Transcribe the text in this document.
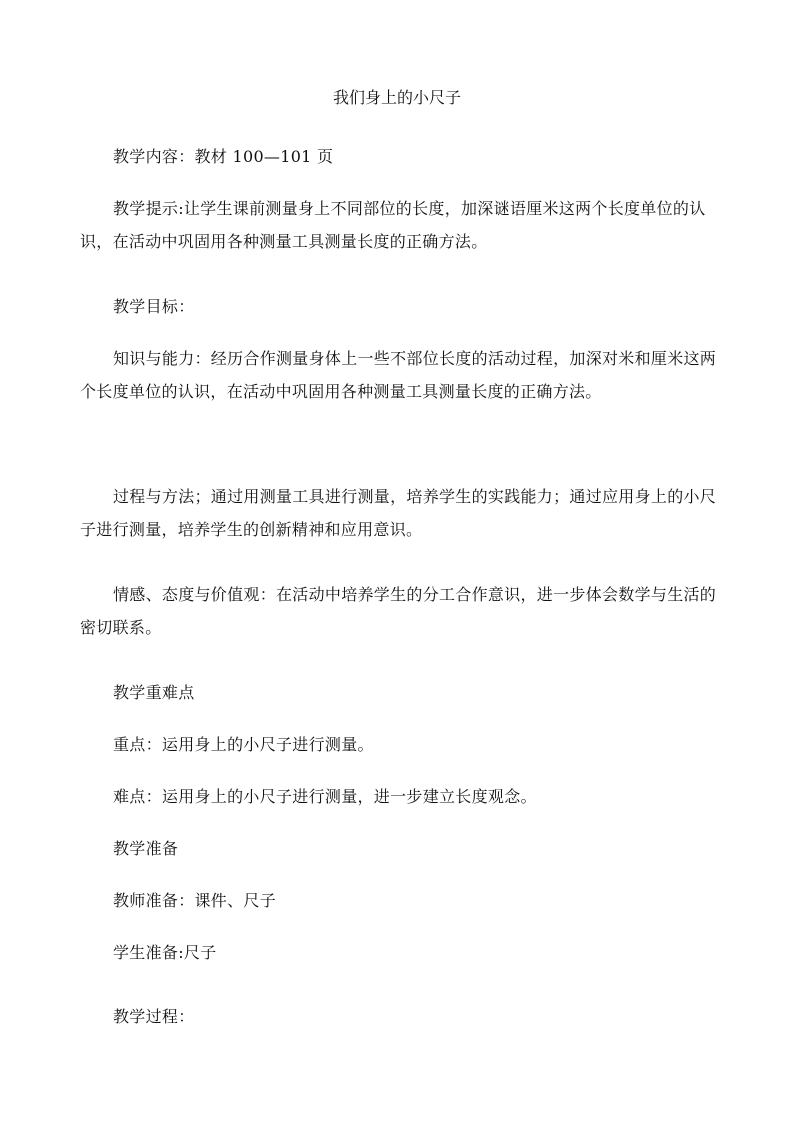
我们身上的小尺子
教学内容：教材 100—101 页
教学提示:让学生课前测量身上不同部位的长度，加深谜语厘米这两个长度单位的认识，在活动中巩固用各种测量工具测量长度的正确方法。
教学目标：
知识与能力：经历合作测量身体上一些不部位长度的活动过程，加深对米和厘米这两个长度单位的认识，在活动中巩固用各种测量工具测量长度的正确方法。
过程与方法；通过用测量工具进行测量，培养学生的实践能力；通过应用身上的小尺子进行测量，培养学生的创新精神和应用意识。
情感、态度与价值观：在活动中培养学生的分工合作意识，进一步体会数学与生活的密切联系。
教学重难点
重点：运用身上的小尺子进行测量。
难点：运用身上的小尺子进行测量，进一步建立长度观念。
教学准备
教师准备：课件、尺子
学生准备:尺子
教学过程：
